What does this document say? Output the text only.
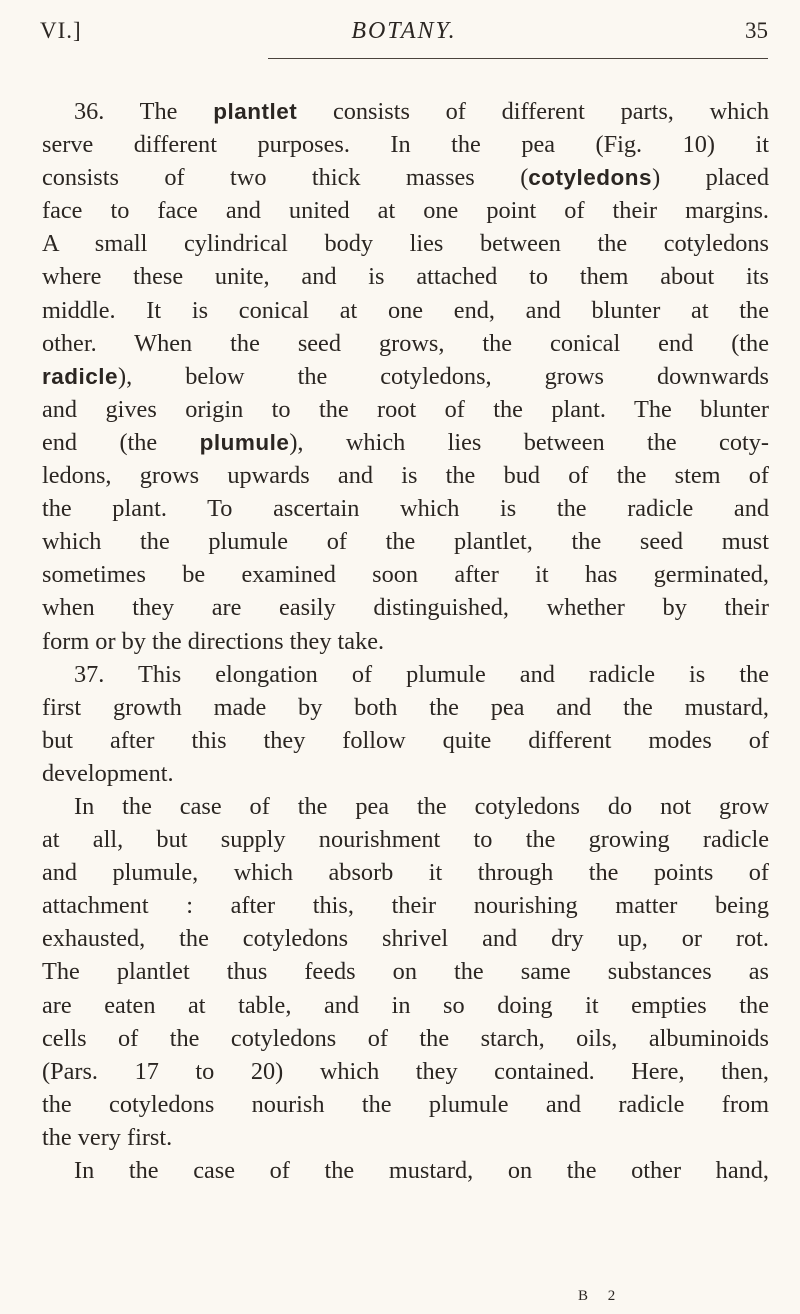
VI.]	BOTANY.	35
36. The plantlet consists of different parts, which
serve different purposes. In the pea (Fig. 10) it
consists of two thick masses (cotyledons) placed
face to face and united at one point of their margins.
A small cylindrical body lies between the cotyledons
where these unite, and is attached to them about its
middle. It is conical at one end, and blunter at the
other. When the seed grows, the conical end (the
radicle), below the cotyledons, grows downwards
and gives origin to the root of the plant. The blunter
end (the plumule), which lies between the coty-
ledons, grows upwards and is the bud of the stem of
the plant. To ascertain which is the radicle and
which the plumule of the plantlet, the seed must
sometimes be examined soon after it has germinated,
when they are easily distinguished, whether by their
form or by the directions they take.
37. This elongation of plumule and radicle is the
first growth made by both the pea and the mustard,
but after this they follow quite different modes of
development.
In the case of the pea the cotyledons do not grow
at all, but supply nourishment to the growing radicle
and plumule, which absorb it through the points of
attachment : after this, their nourishing matter being
exhausted, the cotyledons shrivel and dry up, or rot.
The plantlet thus feeds on the same substances as
are eaten at table, and in so doing it empties the
cells of the cotyledons of the starch, oils, albuminoids
(Pars. 17 to 20) which they contained. Here, then,
the cotyledons nourish the plumule and radicle from
the very first.
In the case of the mustard, on the other hand,
B 2
